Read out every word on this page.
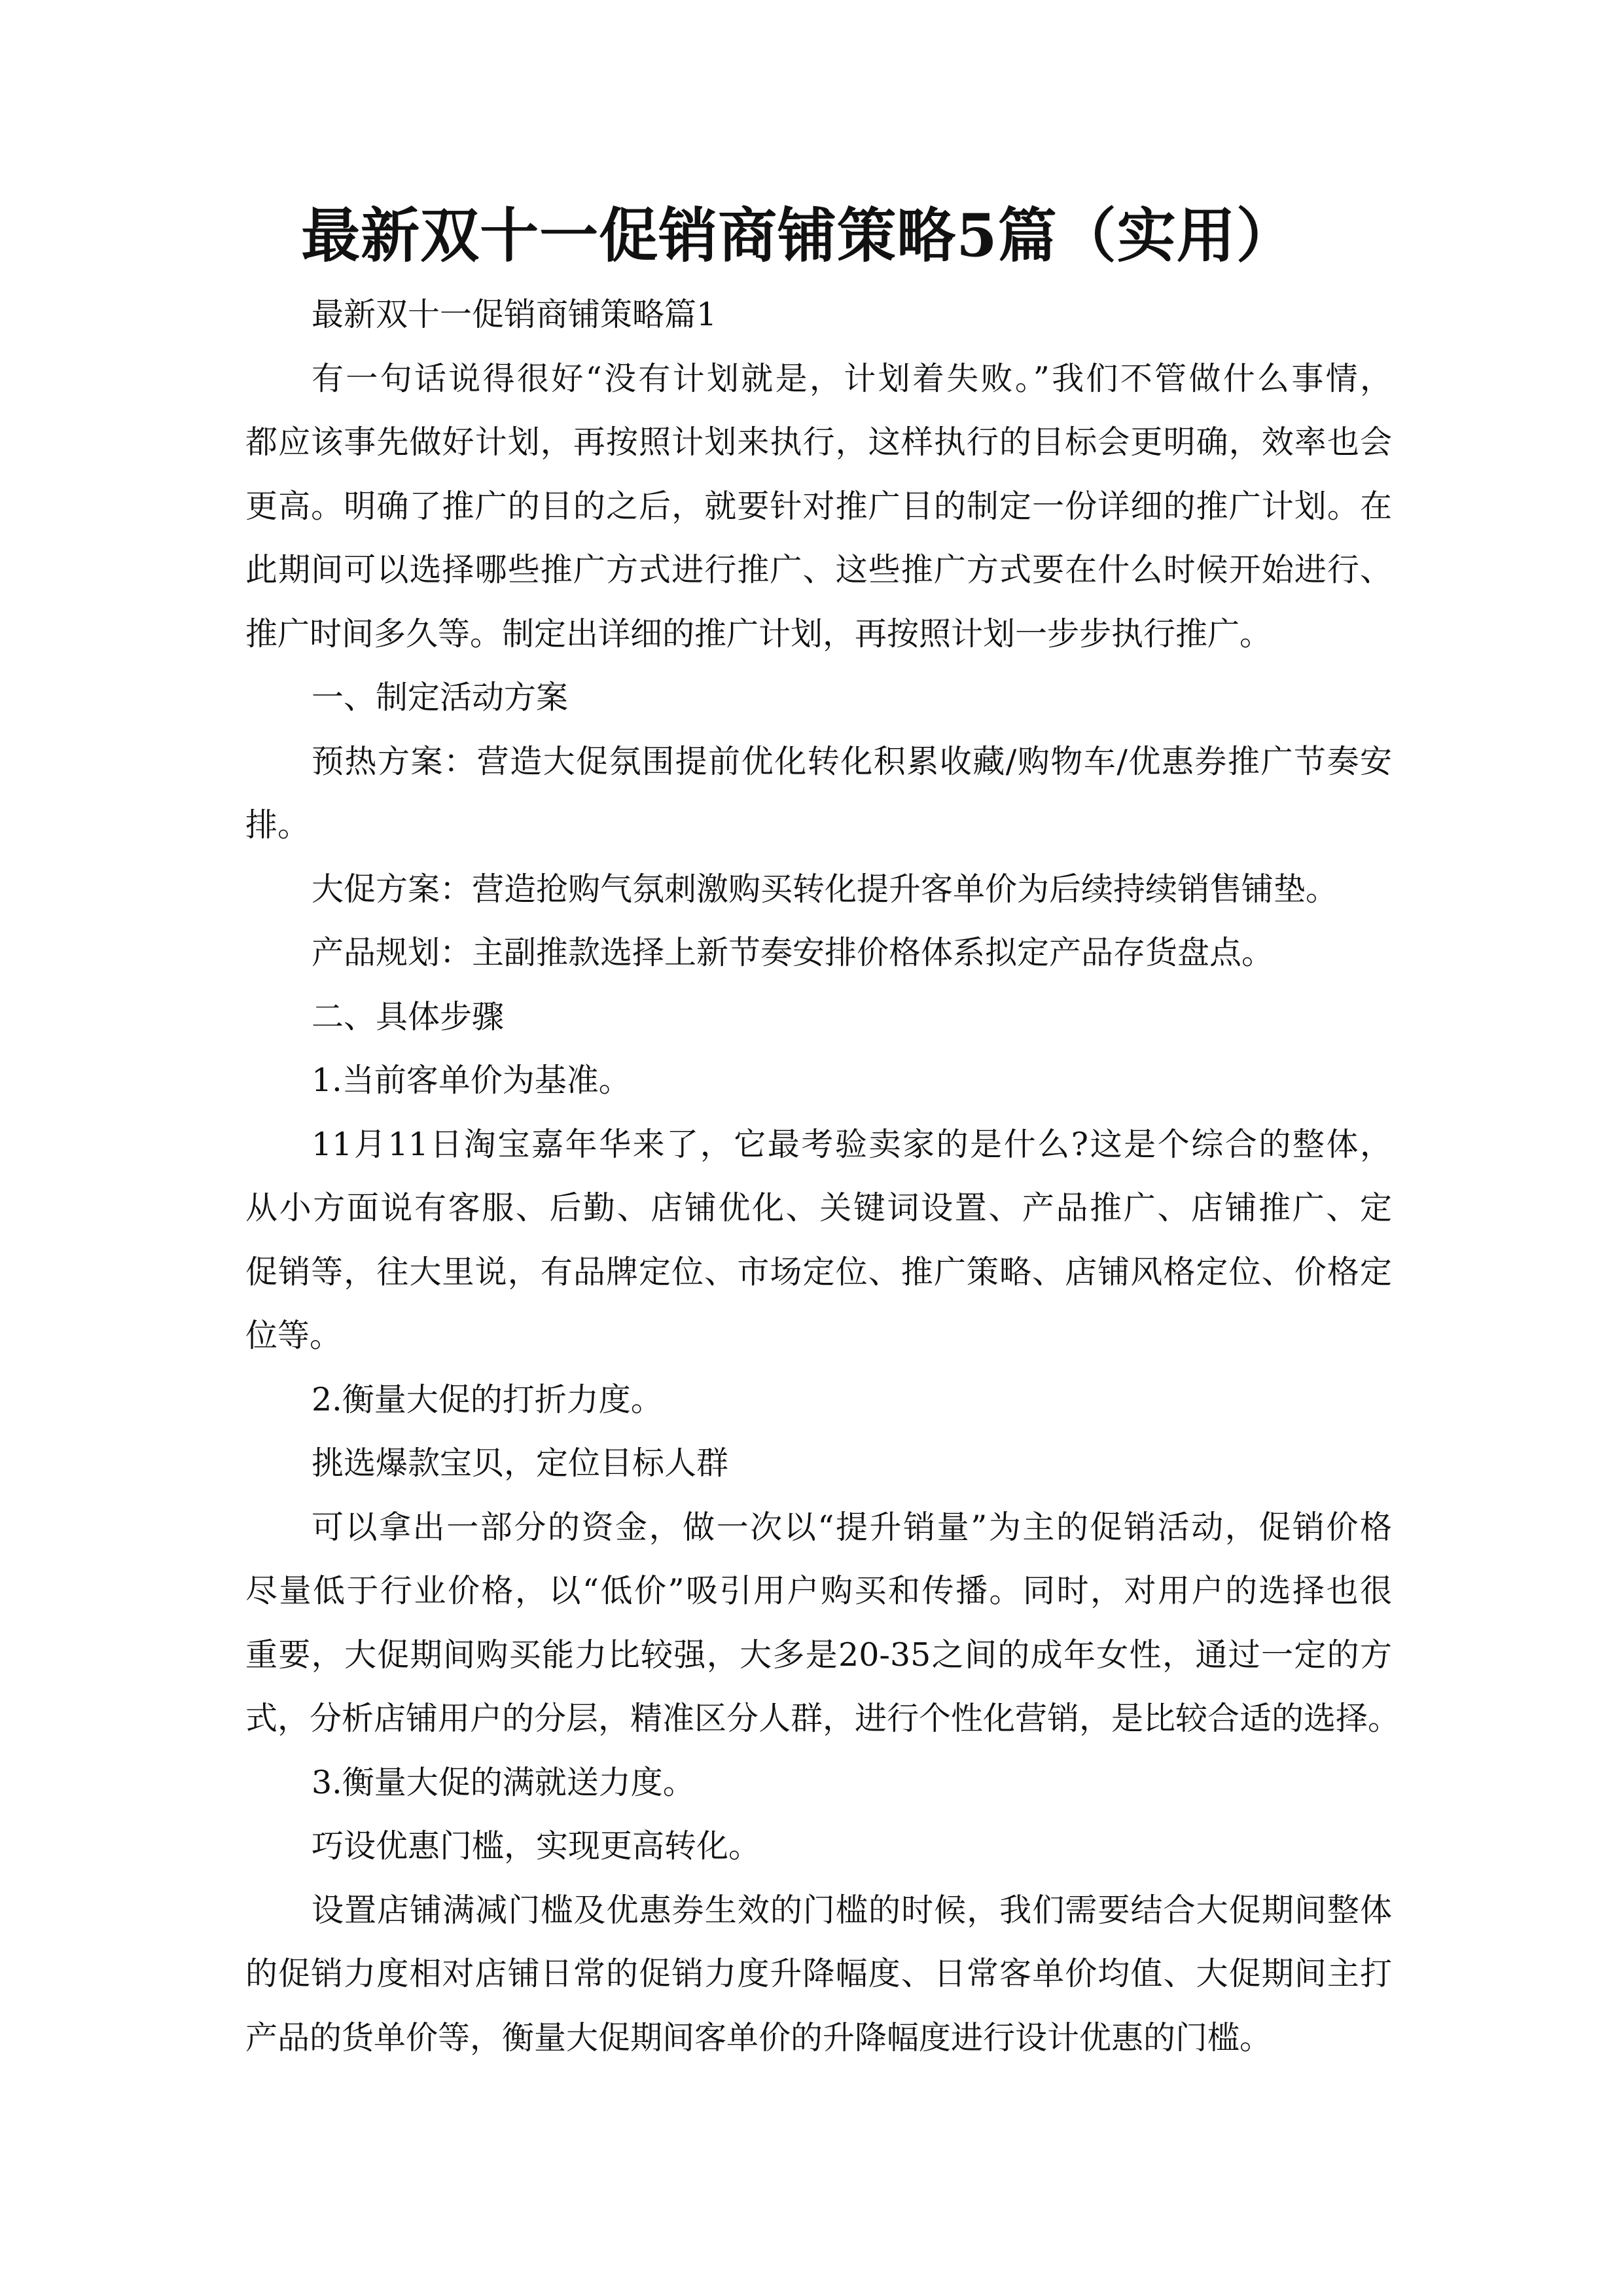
最新双十一促销商铺策略5篇（实用）
最新双十一促销商铺策略篇1
有一句话说得很好“没有计划就是，计划着失败。”我们不管做什么事情，
都应该事先做好计划，再按照计划来执行，这样执行的目标会更明确，效率也会
更高。明确了推广的目的之后，就要针对推广目的制定一份详细的推广计划。在
此期间可以选择哪些推广方式进行推广、这些推广方式要在什么时候开始进行、
推广时间多久等。制定出详细的推广计划，再按照计划一步步执行推广。
一、制定活动方案
预热方案：营造大促氛围提前优化转化积累收藏/购物车/优惠券推广节奏安
排。
大促方案：营造抢购气氛刺激购买转化提升客单价为后续持续销售铺垫。
产品规划：主副推款选择上新节奏安排价格体系拟定产品存货盘点。
二、具体步骤
1.当前客单价为基准。
11月11日淘宝嘉年华来了，它最考验卖家的是什么?这是个综合的整体，
从小方面说有客服、后勤、店铺优化、关键词设置、产品推广、店铺推广、定
促销等，往大里说，有品牌定位、市场定位、推广策略、店铺风格定位、价格定
位等。
2.衡量大促的打折力度。
挑选爆款宝贝，定位目标人群
可以拿出一部分的资金，做一次以“提升销量”为主的促销活动，促销价格
尽量低于行业价格，以“低价”吸引用户购买和传播。同时，对用户的选择也很
重要，大促期间购买能力比较强，大多是20-35之间的成年女性，通过一定的方
式，分析店铺用户的分层，精准区分人群，进行个性化营销，是比较合适的选择。
3.衡量大促的满就送力度。
巧设优惠门槛，实现更高转化。
设置店铺满减门槛及优惠券生效的门槛的时候，我们需要结合大促期间整体
的促销力度相对店铺日常的促销力度升降幅度、日常客单价均值、大促期间主打
产品的货单价等，衡量大促期间客单价的升降幅度进行设计优惠的门槛。
